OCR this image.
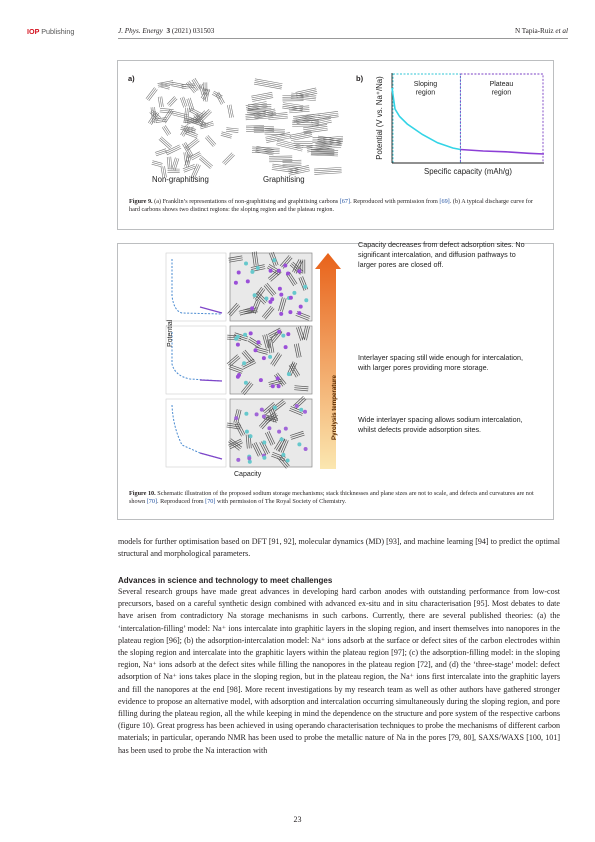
IOP Publishing	J. Phys. Energy 3 (2021) 031503	N Tapia-Ruiz et al
a)
Non-graphitising	Graphitising
b)
Sloping region
Plateau region
Specific capacity (mAh/g)
Potential (V vs. Na⁺/Na)
Figure 9. (a) Franklin’s representations of non-graphitising and graphitising carbons [67]. Reproduced with permission from [69]. (b) A typical discharge curve for hard carbons shows two distinct regions: the sloping region and the plateau region.
Potential
Capacity
Pyrolysis temperature
Capacity decreases from defect adsorption sites. No significant intercalation, and diffusion pathways to larger pores are closed off.
Interlayer spacing still wide enough for intercalation, with larger pores providing more storage.
Wide interlayer spacing allows sodium intercalation, whilst defects provide adsorption sites.
Figure 10. Schematic illustration of the proposed sodium storage mechanisms; stack thicknesses and plane sizes are not to scale, and defects and curvatures are not shown [70]. Reproduced from [70] with permission of The Royal Society of Chemistry.

models for further optimisation based on DFT [91, 92], molecular dynamics (MD) [93], and machine learning [94] to predict the optimal structural and morphological parameters.

Advances in science and technology to meet challenges

Several research groups have made great advances in developing hard carbon anodes with outstanding performance from low-cost precursors, based on a careful synthetic design combined with advanced ex-situ and in situ characterisation [95]. Most debates to date have arisen from contradictory Na storage mechanisms in such carbons. Currently, there are several published theories: (a) the ‘intercalation-filling’ model: Na⁺ ions intercalate into graphitic layers in the sloping region, and insert themselves into nanopores in the plateau region [96]; (b) the adsorption-intercalation model: Na⁺ ions adsorb at the surface or defect sites of the carbon electrodes within the sloping region and intercalate into the graphitic layers within the plateau region [97]; (c) the adsorption-filling model: in the sloping region, Na⁺ ions adsorb at the defect sites while filling the nanopores in the plateau region [72], and (d) the ‘three-stage’ model: defect adsorption of Na⁺ ions takes place in the sloping region, but in the plateau region, the Na⁺ ions first intercalate into the graphitic layers and fill the nanopores at the end [98]. More recent investigations by my research team as well as other authors have gathered stronger evidence to propose an alternative model, with adsorption and intercalation occurring simultaneously during the sloping region, and pore filling during the plateau region, all the while keeping in mind the dependence on the structure and pore system of the respective carbons (figure 10). Great progress has been achieved in using operando characterisation techniques to probe the mechanisms of different carbon materials; in particular, operando NMR has been used to probe the metallic nature of Na in the pores [79, 80], SAXS/WAXS [100, 101] has been used to probe the Na interaction with

23
